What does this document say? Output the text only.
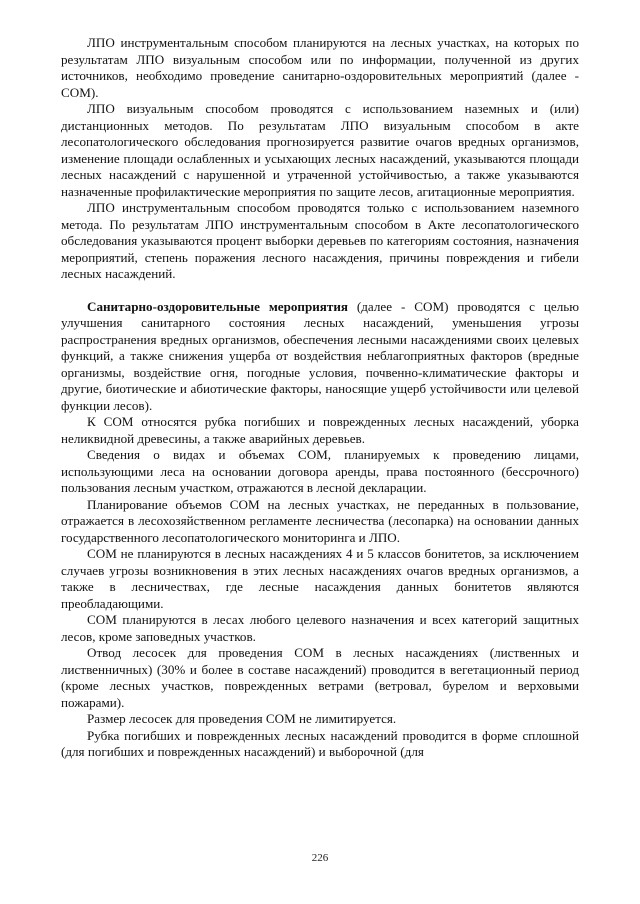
ЛПО инструментальным способом планируются на лесных участках, на которых по результатам ЛПО визуальным способом или по информации, полученной из других источников, необходимо проведение санитарно-оздоровительных мероприятий (далее - СОМ).

ЛПО визуальным способом проводятся с использованием наземных и (или) дистанционных методов. По результатам ЛПО визуальным способом в акте лесопатологического обследования прогнозируется развитие очагов вредных организмов, изменение площади ослабленных и усыхающих лесных насаждений, указываются площади лесных насаждений с нарушенной и утраченной устойчивостью, а также указываются назначенные профилактические мероприятия по защите лесов, агитационные мероприятия.

ЛПО инструментальным способом проводятся только с использованием наземного метода. По результатам ЛПО инструментальным способом в Акте лесопатологического обследования указываются процент выборки деревьев по категориям состояния, назначения мероприятий, степень поражения лесного насаждения, причины повреждения и гибели лесных насаждений.

Санитарно-оздоровительные мероприятия (далее - СОМ) проводятся с целью улучшения санитарного состояния лесных насаждений, уменьшения угрозы распространения вредных организмов, обеспечения лесными насаждениями своих целевых функций, а также снижения ущерба от воздействия неблагоприятных факторов (вредные организмы, воздействие огня, погодные условия, почвенно-климатические факторы и другие, биотические и абиотические факторы, наносящие ущерб устойчивости или целевой функции лесов).

К СОМ относятся рубка погибших и поврежденных лесных насаждений, уборка неликвидной древесины, а также аварийных деревьев.

Сведения о видах и объемах СОМ, планируемых к проведению лицами, использующими леса на основании договора аренды, права постоянного (бессрочного) пользования лесным участком, отражаются в лесной декларации.

Планирование объемов СОМ на лесных участках, не переданных в пользование, отражается в лесохозяйственном регламенте лесничества (лесопарка) на основании данных государственного лесопатологического мониторинга и ЛПО.

СОМ не планируются в лесных насаждениях 4 и 5 классов бонитетов, за исключением случаев угрозы возникновения в этих лесных насаждениях очагов вредных организмов, а также в лесничествах, где лесные насаждения данных бонитетов являются преобладающими.

СОМ планируются в лесах любого целевого назначения и всех категорий защитных лесов, кроме заповедных участков.

Отвод лесосек для проведения СОМ в лесных насаждениях (лиственных и лиственничных) (30% и более в составе насаждений) проводится в вегетационный период (кроме лесных участков, поврежденных ветрами (ветровал, бурелом и верховыми пожарами).

Размер лесосек для проведения СОМ не лимитируется.

Рубка погибших и поврежденных лесных насаждений проводится в форме сплошной (для погибших и поврежденных насаждений) и выборочной (для

226
